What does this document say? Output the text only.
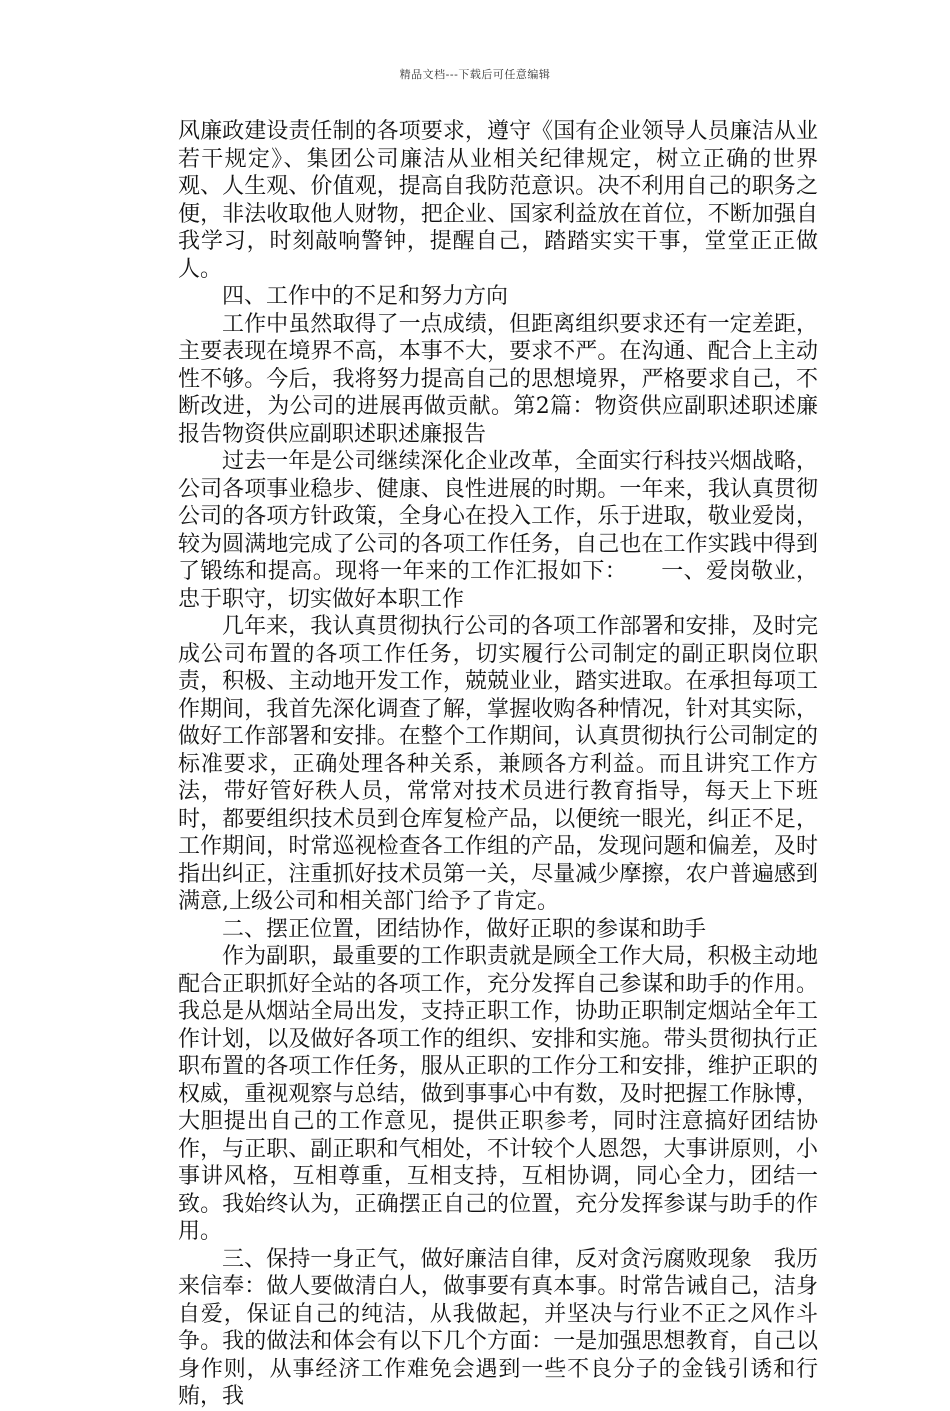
精品文档---下载后可任意编辑

风廉政建设责任制的各项要求，遵守《国有企业领导人员廉洁从业若干规定》、集团公司廉洁从业相关纪律规定，树立正确的世界观、人生观、价值观，提高自我防范意识。决不利用自己的职务之便，非法收取他人财物，把企业、国家利益放在首位，不断加强自我学习，时刻敲响警钟，提醒自己，踏踏实实干事，堂堂正正做人。

四、工作中的不足和努力方向

工作中虽然取得了一点成绩，但距离组织要求还有一定差距，主要表现在境界不高，本事不大，要求不严。在沟通、配合上主动性不够。今后，我将努力提高自己的思想境界，严格要求自己，不断改进，为公司的进展再做贡献。第2篇：物资供应副职述职述廉报告物资供应副职述职述廉报告

过去一年是公司继续深化企业改革，全面实行科技兴烟战略，公司各项事业稳步、健康、良性进展的时期。一年来，我认真贯彻公司的各项方针政策，全身心在投入工作，乐于进取，敬业爱岗，较为圆满地完成了公司的各项工作任务，自己也在工作实践中得到了锻练和提高。现将一年来的工作汇报如下：　　一、爱岗敬业，忠于职守，切实做好本职工作

几年来，我认真贯彻执行公司的各项工作部署和安排，及时完成公司布置的各项工作任务，切实履行公司制定的副正职岗位职责，积极、主动地开发工作，兢兢业业，踏实进取。在承担每项工作期间，我首先深化调查了解，掌握收购各种情况，针对其实际，做好工作部署和安排。在整个工作期间，认真贯彻执行公司制定的标准要求，正确处理各种关系，兼顾各方利益。而且讲究工作方法，带好管好秩人员，常常对技术员进行教育指导，每天上下班时，都要组织技术员到仓库复检产品，以便统一眼光，纠正不足，工作期间，时常巡视检查各工作组的产品，发现问题和偏差，及时指出纠正，注重抓好技术员第一关，尽量减少摩擦，农户普遍感到满意,上级公司和相关部门给予了肯定。

二、摆正位置，团结协作，做好正职的参谋和助手

作为副职，最重要的工作职责就是顾全工作大局，积极主动地配合正职抓好全站的各项工作，充分发挥自己参谋和助手的作用。我总是从烟站全局出发，支持正职工作，协助正职制定烟站全年工作计划，以及做好各项工作的组织、安排和实施。带头贯彻执行正职布置的各项工作任务，服从正职的工作分工和安排，维护正职的权威，重视观察与总结，做到事事心中有数，及时把握工作脉博，大胆提出自己的工作意见，提供正职参考，同时注意搞好团结协作，与正职、副正职和气相处，不计较个人恩怨，大事讲原则，小事讲风格，互相尊重，互相支持，互相协调，同心全力，团结一致。我始终认为，正确摆正自己的位置，充分发挥参谋与助手的作用。

三、保持一身正气，做好廉洁自律，反对贪污腐败现象　我历来信奉：做人要做清白人，做事要有真本事。时常告诫自己，洁身自爱，保证自己的纯洁，从我做起，并坚决与行业不正之风作斗争。我的做法和体会有以下几个方面：一是加强思想教育，自己以身作则，从事经济工作难免会遇到一些不良分子的金钱引诱和行贿，我
